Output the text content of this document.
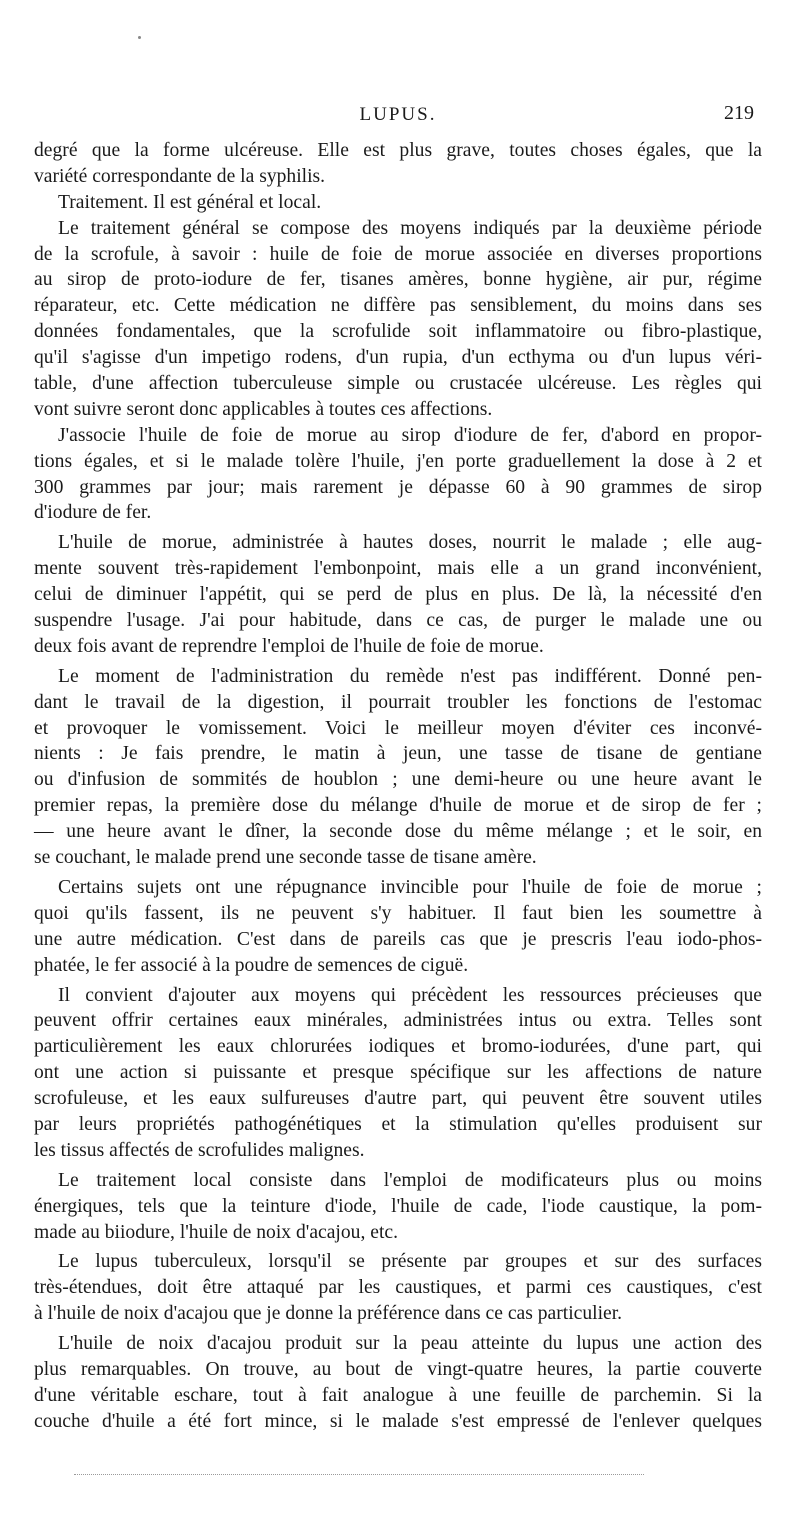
LUPUS.	219
degré que la forme ulcéreuse. Elle est plus grave, toutes choses égales, que la
variété correspondante de la syphilis.
Traitement. Il est général et local.
Le traitement général se compose des moyens indiqués par la deuxième période
de la scrofule, à savoir : huile de foie de morue associée en diverses proportions
au sirop de proto-iodure de fer, tisanes amères, bonne hygiène, air pur, régime
réparateur, etc. Cette médication ne diffère pas sensiblement, du moins dans ses
données fondamentales, que la scrofulide soit inflammatoire ou fibro-plastique,
qu'il s'agisse d'un impetigo rodens, d'un rupia, d'un ecthyma ou d'un lupus véri-
table, d'une affection tuberculeuse simple ou crustacée ulcéreuse. Les règles qui
vont suivre seront donc applicables à toutes ces affections.
J'associe l'huile de foie de morue au sirop d'iodure de fer, d'abord en propor-
tions égales, et si le malade tolère l'huile, j'en porte graduellement la dose à 2 et
300 grammes par jour; mais rarement je dépasse 60 à 90 grammes de sirop
d'iodure de fer.
L'huile de morue, administrée à hautes doses, nourrit le malade ; elle aug-
mente souvent très-rapidement l'embonpoint, mais elle a un grand inconvénient,
celui de diminuer l'appétit, qui se perd de plus en plus. De là, la nécessité d'en
suspendre l'usage. J'ai pour habitude, dans ce cas, de purger le malade une ou
deux fois avant de reprendre l'emploi de l'huile de foie de morue.
Le moment de l'administration du remède n'est pas indifférent. Donné pen-
dant le travail de la digestion, il pourrait troubler les fonctions de l'estomac
et provoquer le vomissement. Voici le meilleur moyen d'éviter ces inconvé-
nients : Je fais prendre, le matin à jeun, une tasse de tisane de gentiane
ou d'infusion de sommités de houblon ; une demi-heure ou une heure avant le
premier repas, la première dose du mélange d'huile de morue et de sirop de fer ;
— une heure avant le dîner, la seconde dose du même mélange ; et le soir, en
se couchant, le malade prend une seconde tasse de tisane amère.
Certains sujets ont une répugnance invincible pour l'huile de foie de morue ;
quoi qu'ils fassent, ils ne peuvent s'y habituer. Il faut bien les soumettre à
une autre médication. C'est dans de pareils cas que je prescris l'eau iodo-phos-
phatée, le fer associé à la poudre de semences de ciguë.
Il convient d'ajouter aux moyens qui précèdent les ressources précieuses que
peuvent offrir certaines eaux minérales, administrées intus ou extra. Telles sont
particulièrement les eaux chlorurées iodiques et bromo-iodurées, d'une part, qui
ont une action si puissante et presque spécifique sur les affections de nature
scrofuleuse, et les eaux sulfureuses d'autre part, qui peuvent être souvent utiles
par leurs propriétés pathogénétiques et la stimulation qu'elles produisent sur
les tissus affectés de scrofulides malignes.
Le traitement local consiste dans l'emploi de modificateurs plus ou moins
énergiques, tels que la teinture d'iode, l'huile de cade, l'iode caustique, la pom-
made au biiodure, l'huile de noix d'acajou, etc.
Le lupus tuberculeux, lorsqu'il se présente par groupes et sur des surfaces
très-étendues, doit être attaqué par les caustiques, et parmi ces caustiques, c'est
à l'huile de noix d'acajou que je donne la préférence dans ce cas particulier.
L'huile de noix d'acajou produit sur la peau atteinte du lupus une action des
plus remarquables. On trouve, au bout de vingt-quatre heures, la partie couverte
d'une véritable eschare, tout à fait analogue à une feuille de parchemin. Si la
couche d'huile a été fort mince, si le malade s'est empressé de l'enlever quelques
